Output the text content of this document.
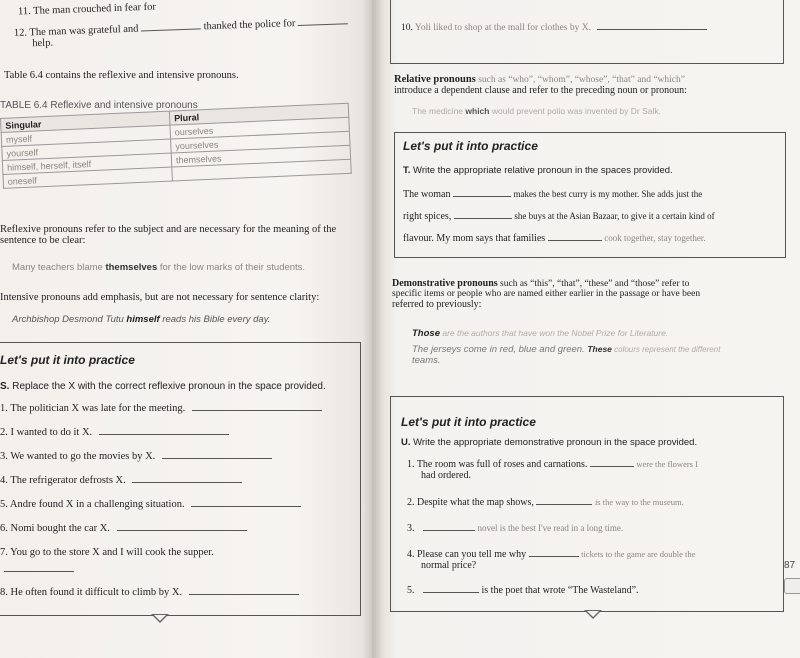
11. The man crouched in fear for
12. The man was grateful and	thanked the police for
help.
Table 6.4 contains the reflexive and intensive pronouns.
TABLE 6.4 Reflexive and intensive pronouns
Singular	Plural
myself	ourselves
yourself	yourselves
himself, herself, itself	themselves
oneself	
Reflexive pronouns refer to the subject and are necessary for the meaning of the
sentence to be clear:
Many teachers blame themselves for the low marks of their students.
Intensive pronouns add emphasis, but are not necessary for sentence clarity:
Archbishop Desmond Tutu himself reads his Bible every day.
Let's put it into practice
S. Replace the X with the correct reflexive pronoun in the space provided.
1. The politician X was late for the meeting.
2. I wanted to do it X.
3. We wanted to go the movies by X.
4. The refrigerator defrosts X.
5. Andre found X in a challenging situation.
6. Nomi bought the car X.
7. You go to the store X and I will cook the supper.
8. He often found it difficult to climb by X.
10. Yoli liked to shop at the mall for clothes by X.
Relative pronouns such as “who”, “whom”, “whose”, “that” and “which”
introduce a dependent clause and refer to the preceding noun or pronoun:
The medicine which would prevent polio was invented by Dr Salk.
Let's put it into practice
T. Write the appropriate relative pronoun in the spaces provided.
The woman	makes the best curry is my mother. She adds just the
right spices,	she buys at the Asian Bazaar, to give it a certain kind of
flavour. My mom says that families	cook together, stay together.
Demonstrative pronouns such as “this”, “that”, “these” and “those” refer to
specific items or people who are named either earlier in the passage or have been
referred to previously:
Those are the authors that have won the Nobel Prize for Literature.
The jerseys come in red, blue and green. These colours represent the different
teams.
Let's put it into practice
U. Write the appropriate demonstrative pronoun in the space provided.
1. The room was full of roses and carnations.	were the flowers I
had ordered.
2. Despite what the map shows,	is the way to the museum.
3.	novel is the best I've read in a long time.
4. Please can you tell me why	tickets to the game are double the
normal price?
5.	is the poet that wrote “The Wasteland”.
87
